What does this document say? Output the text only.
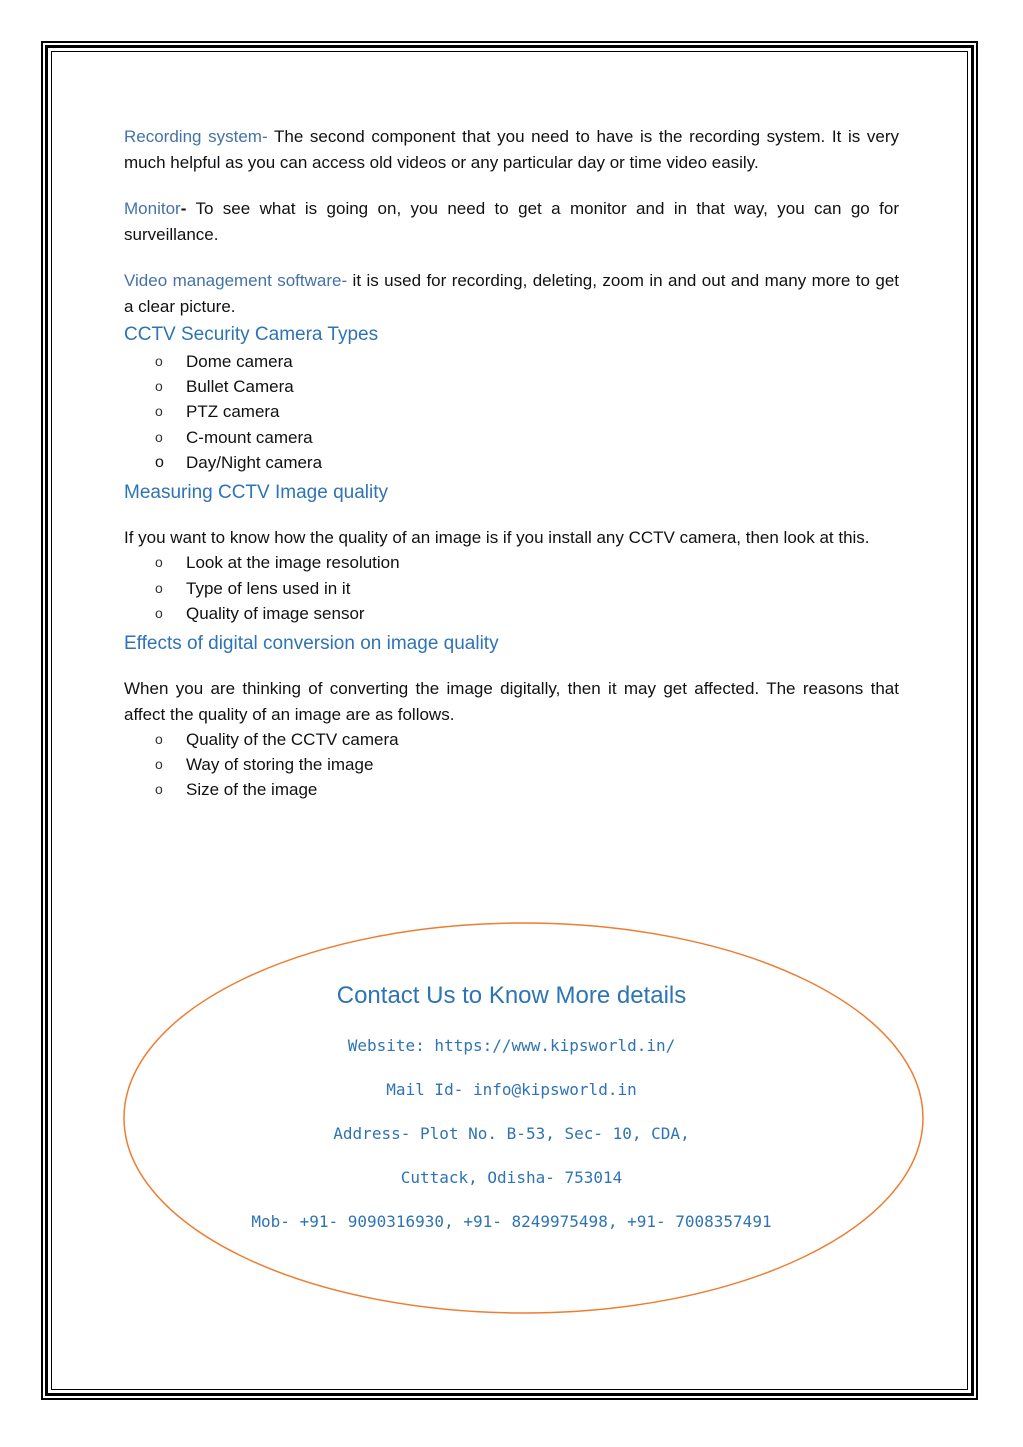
Recording system- The second component that you need to have is the recording system. It is very much helpful as you can access old videos or any particular day or time video easily.

Monitor- To see what is going on, you need to get a monitor and in that way, you can go for surveillance.

Video management software- it is used for recording, deleting, zoom in and out and many more to get a clear picture.

CCTV Security Camera Types
o Dome camera
o Bullet Camera
o PTZ camera
o C-mount camera
o Day/Night camera
Measuring CCTV Image quality

If you want to know how the quality of an image is if you install any CCTV camera, then look at this.

o Look at the image resolution
o Type of lens used in it
o Quality of image sensor
Effects of digital conversion on image quality

When you are thinking of converting the image digitally, then it may get affected. The reasons that affect the quality of an image are as follows.

o Quality of the CCTV camera
o Way of storing the image
o Size of the image
Contact Us to Know More details
Website: https://www.kipsworld.in/
Mail Id- info@kipsworld.in
Address- Plot No. B-53, Sec- 10, CDA,
Cuttack, Odisha- 753014
Mob- +91- 9090316930, +91- 8249975498, +91- 7008357491
